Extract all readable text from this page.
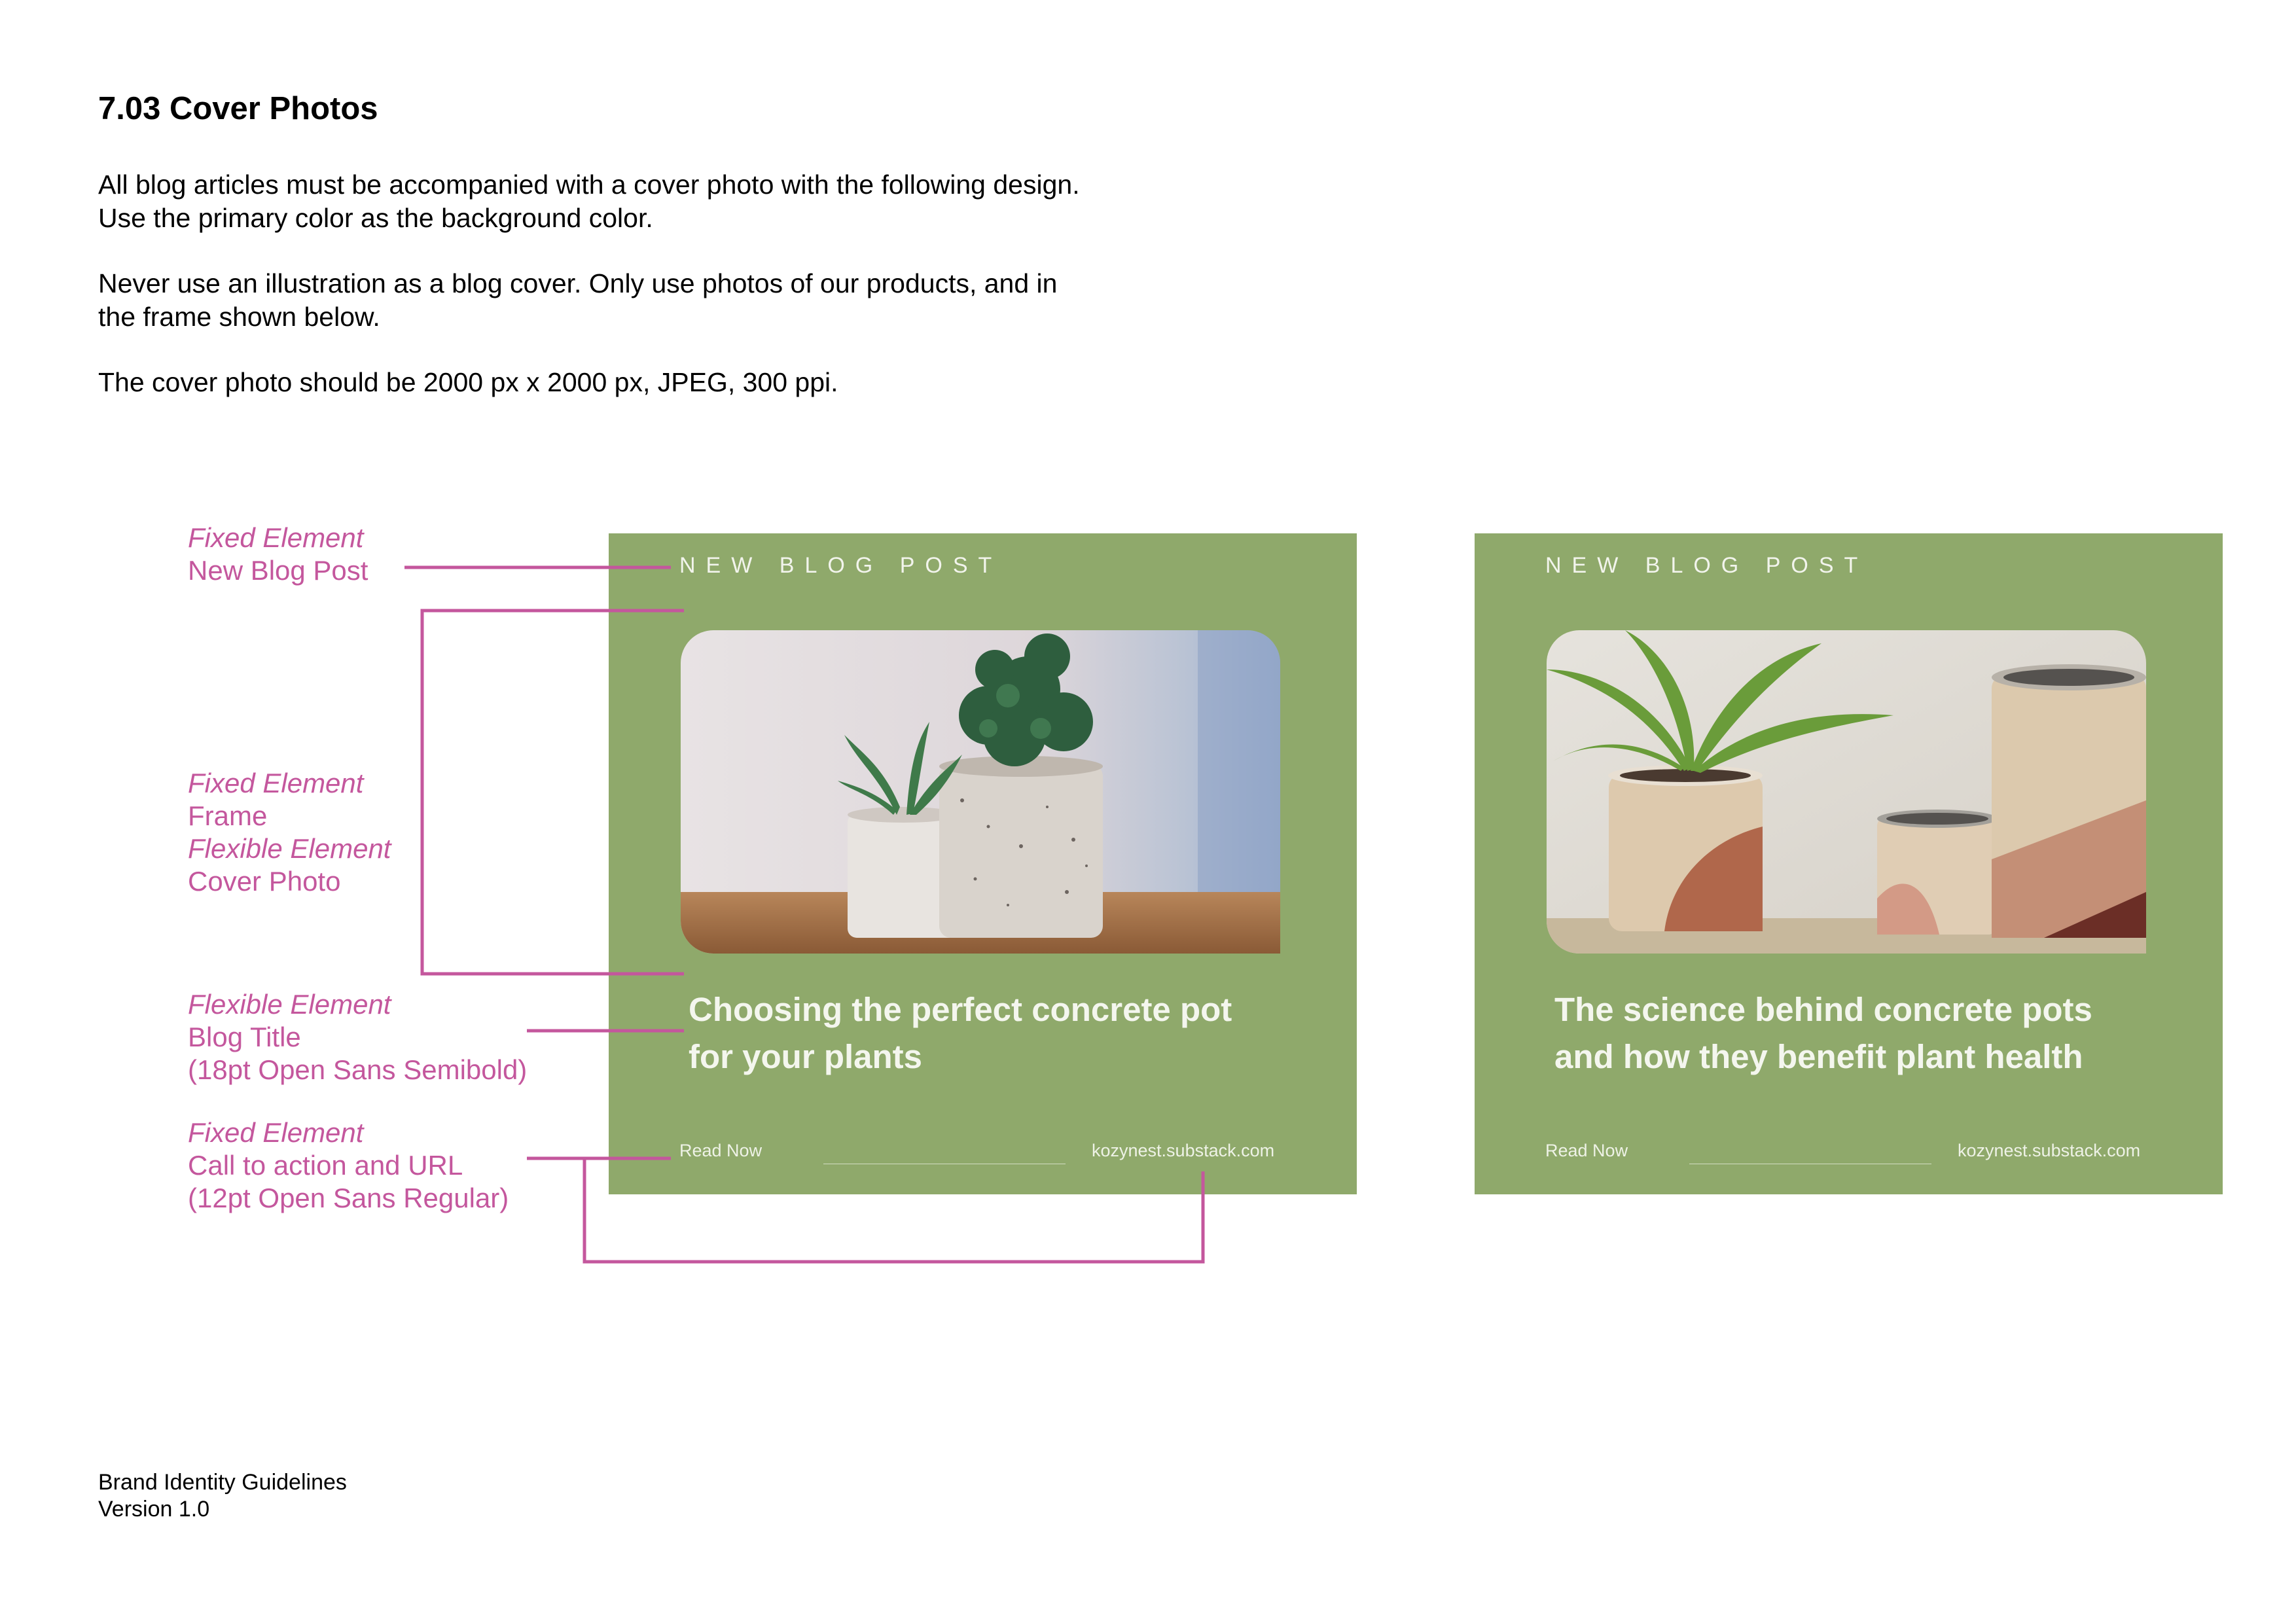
7.03 Cover Photos

All blog articles must be accompanied with a cover photo with the following design. Use the primary color as the background color.

Never use an illustration as a blog cover. Only use photos of our products, and in the frame shown below.

The cover photo should be 2000 px x 2000 px, JPEG, 300 ppi.

Fixed Element
New Blog Post
Fixed Element
Frame
Flexible Element
Cover Photo
Flexible Element
Blog Title
(18pt Open Sans Semibold)
Fixed Element
Call to action and URL
(12pt Open Sans Regular)
NEW BLOG POST
Choosing the perfect concrete pot
for your plants
Read Now	kozynest.substack.com
NEW BLOG POST
The science behind concrete pots
and how they benefit plant health
Read Now	kozynest.substack.com
Brand Identity Guidelines
Version 1.0
